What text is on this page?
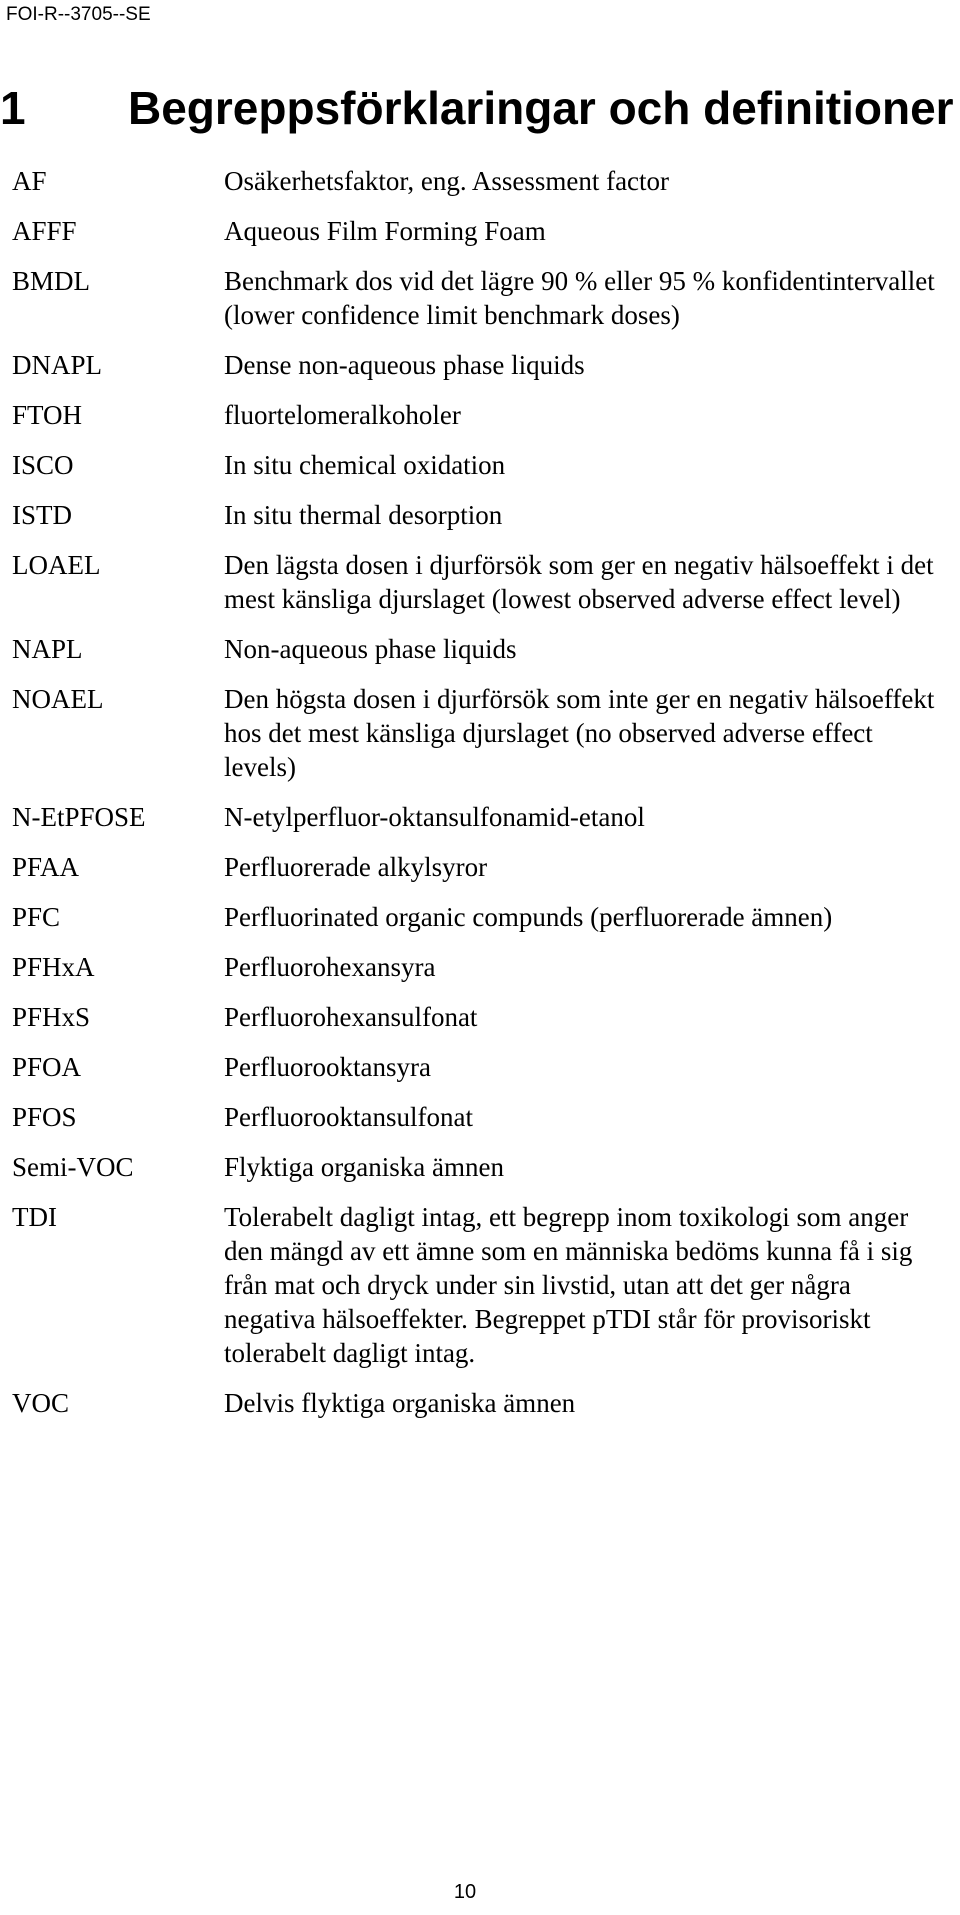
FOI-R--3705--SE
1 Begreppsförklaringar och definitioner
AF	Osäkerhetsfaktor, eng. Assessment factor
AFFF	Aqueous Film Forming Foam
BMDL	Benchmark dos vid det lägre 90 % eller 95 % konfidentintervallet (lower confidence limit benchmark doses)
DNAPL	Dense non-aqueous phase liquids
FTOH	fluortelomeralkoholer
ISCO	In situ chemical oxidation
ISTD	In situ thermal desorption
LOAEL	Den lägsta dosen i djurförsök som ger en negativ hälsoeffekt i det mest känsliga djurslaget (lowest observed adverse effect level)
NAPL	Non-aqueous phase liquids
NOAEL	Den högsta dosen i djurförsök som inte ger en negativ hälsoeffekt hos det mest känsliga djurslaget (no observed adverse effect levels)
N-EtPFOSE	N-etylperfluor-oktansulfonamid-etanol
PFAA	Perfluorerade alkylsyror
PFC	Perfluorinated organic compunds (perfluorerade ämnen)
PFHxA	Perfluorohexansyra
PFHxS	Perfluorohexansulfonat
PFOA	Perfluorooktansyra
PFOS	Perfluorooktansulfonat
Semi-VOC	Flyktiga organiska ämnen
TDI	Tolerabelt dagligt intag, ett begrepp inom toxikologi som anger den mängd av ett ämne som en människa bedöms kunna få i sig från mat och dryck under sin livstid, utan att det ger några negativa hälsoeffekter. Begreppet pTDI står för provisoriskt tolerabelt dagligt intag.
VOC	Delvis flyktiga organiska ämnen
10
